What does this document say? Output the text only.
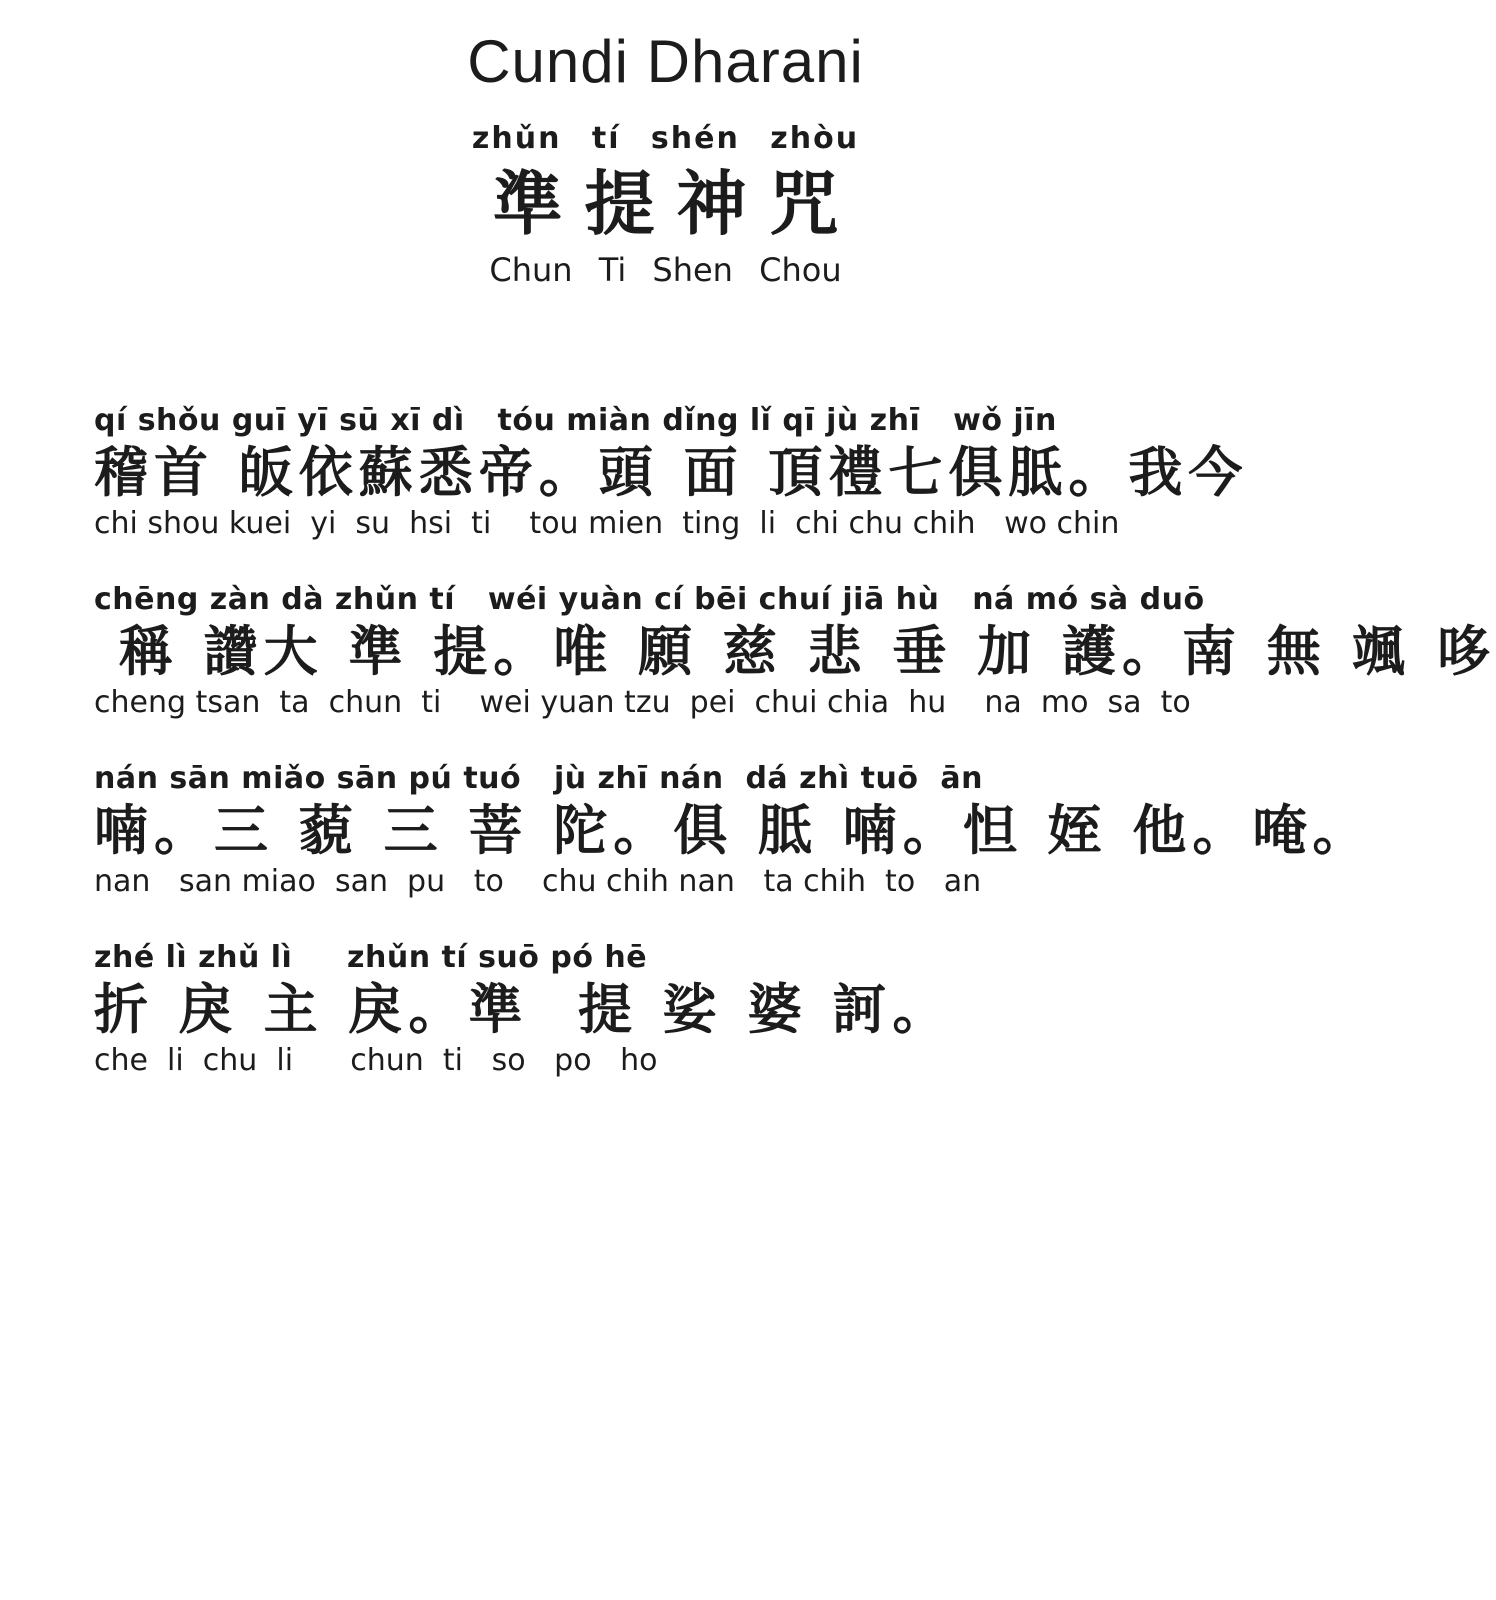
Cundi Dharani
zhǔn tí shén zhòu
準提神咒
Chun Ti Shen Chou
qí shǒu guī yī sū xī dì   tóu miàn dǐng lǐ qī jù zhī   wǒ jīn
稽首 皈依蘇悉帝。頭 面 頂禮七俱胝。我今
chi shou kuei  yi  su  hsi  ti    tou mien  ting  li  chi chu chih   wo chin
chēng zàn dà zhǔn tí   wéi yuàn cí bēi chuí jiā hù   ná mó sà duō
稱 讚大 準 提。唯 願 慈 悲 垂 加 護。南 無 颯 哆
cheng tsan  ta  chun  ti    wei yuan tzu  pei  chui chia  hu    na  mo  sa  to
nán sān miǎo sān pú tuó   jù zhī nán  dá zhì tuō  ān
喃。三 藐 三 菩 陀。俱 胝 喃。怛 姪 他。唵。
nan   san miao  san  pu   to    chu chih nan   ta chih  to   an
zhé lì zhǔ lì     zhǔn tí suō pó hē
折 戾 主 戾。準  提 娑 婆 訶。
che  li  chu  li      chun  ti   so   po   ho
